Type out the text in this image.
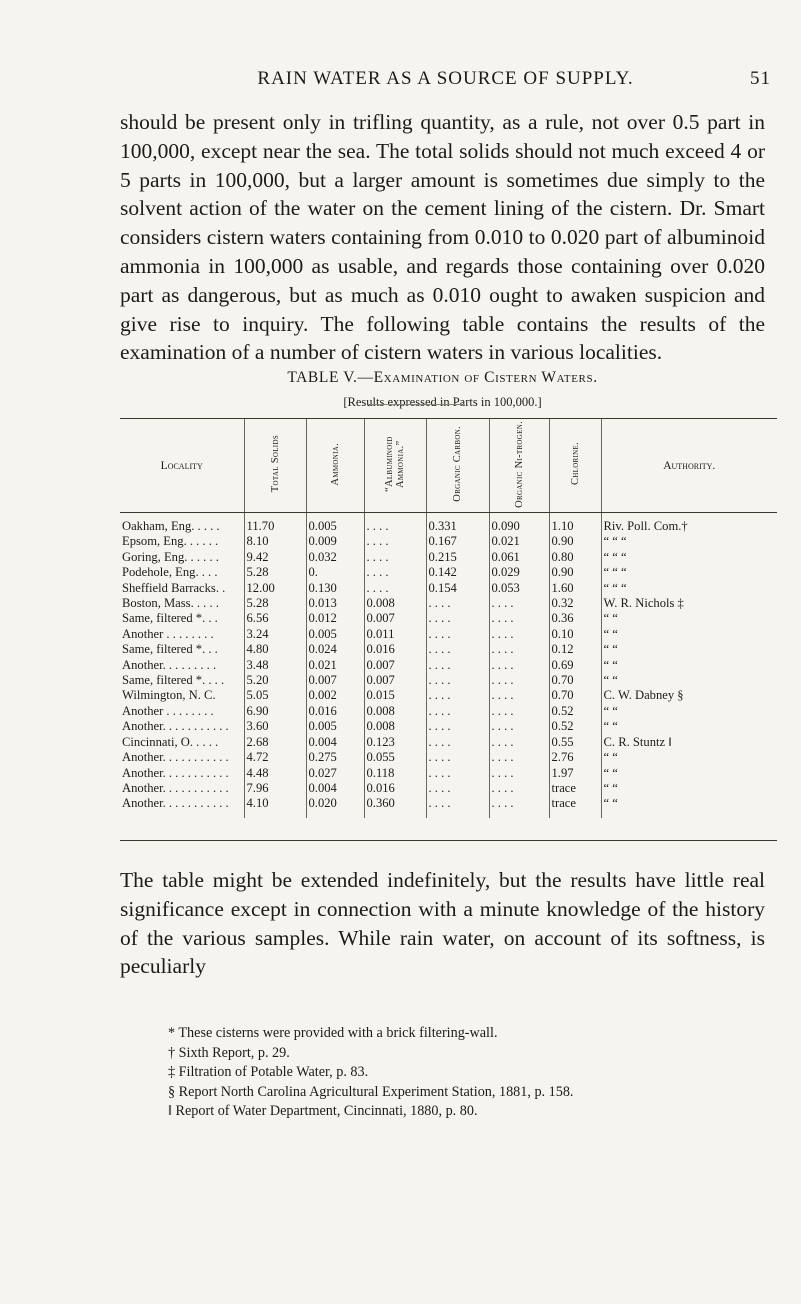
RAIN WATER AS A SOURCE OF SUPPLY.	51
should be present only in trifling quantity, as a rule, not over 0.5 part in 100,000, except near the sea. The total solids should not much exceed 4 or 5 parts in 100,000, but a larger amount is sometimes due simply to the solvent action of the water on the cement lining of the cistern. Dr. Smart considers cistern waters containing from 0.010 to 0.020 part of albuminoid ammonia in 100,000 as usable, and regards those containing over 0.020 part as dangerous, but as much as 0.010 ought to awaken suspicion and give rise to inquiry. The following table contains the results of the examination of a number of cistern waters in various localities.
TABLE V.—Examination of Cistern Waters.
[Results expressed in Parts in 100,000.]
Locality	Total Solids	Ammonia.	“Albuminoid Ammonia.”	Organic Carbon.	Organic Ni-trogen.	Chlorine.	Authority.
Oakham, Eng. . . . .	11.70	0.005	. . . .	0.331	0.090	1.10	Riv. Poll. Com.†
Epsom, Eng. . . . . .	8.10	0.009	. . . .	0.167	0.021	0.90	“ “ “
Goring, Eng. . . . . .	9.42	0.032	. . . .	0.215	0.061	0.80	“ “ “
Podehole, Eng. . . .	5.28	0.	. . . .	0.142	0.029	0.90	“ “ “
Sheffield Barracks. .	12.00	0.130	. . . .	0.154	0.053	1.60	“ “ “
Boston, Mass. . . . .	5.28	0.013	0.008	. . . .	. . . .	0.32	W. R. Nichols ‡
Same, filtered *. . .	6.56	0.012	0.007	. . . .	. . . .	0.36	“ “
Another . . . . . . . .	3.24	0.005	0.011	. . . .	. . . .	0.10	“ “
Same, filtered *. . .	4.80	0.024	0.016	. . . .	. . . .	0.12	“ “
Another. . . . . . . . .	3.48	0.021	0.007	. . . .	. . . .	0.69	“ “
Same, filtered *. . . .	5.20	0.007	0.007	. . . .	. . . .	0.70	“ “
Wilmington, N. C.	5.05	0.002	0.015	. . . .	. . . .	0.70	C. W. Dabney §
Another . . . . . . . .	6.90	0.016	0.008	. . . .	. . . .	0.52	“ “
Another. . . . . . . . . . .	3.60	0.005	0.008	. . . .	. . . .	0.52	“ “
Cincinnati, O. . . . .	2.68	0.004	0.123	. . . .	. . . .	0.55	C. R. Stuntz ‖
Another. . . . . . . . . . .	4.72	0.275	0.055	. . . .	. . . .	2.76	“ “
Another. . . . . . . . . . .	4.48	0.027	0.118	. . . .	. . . .	1.97	“ “
Another. . . . . . . . . . .	7.96	0.004	0.016	. . . .	. . . .	trace	“ “
Another. . . . . . . . . . .	4.10	0.020	0.360	. . . .	. . . .	trace	“ “
The table might be extended indefinitely, but the results have little real significance except in connection with a minute knowledge of the history of the various samples. While rain water, on account of its softness, is peculiarly
* These cisterns were provided with a brick filtering-wall.
† Sixth Report, p. 29.
‡ Filtration of Potable Water, p. 83.
§ Report North Carolina Agricultural Experiment Station, 1881, p. 158.
‖ Report of Water Department, Cincinnati, 1880, p. 80.
